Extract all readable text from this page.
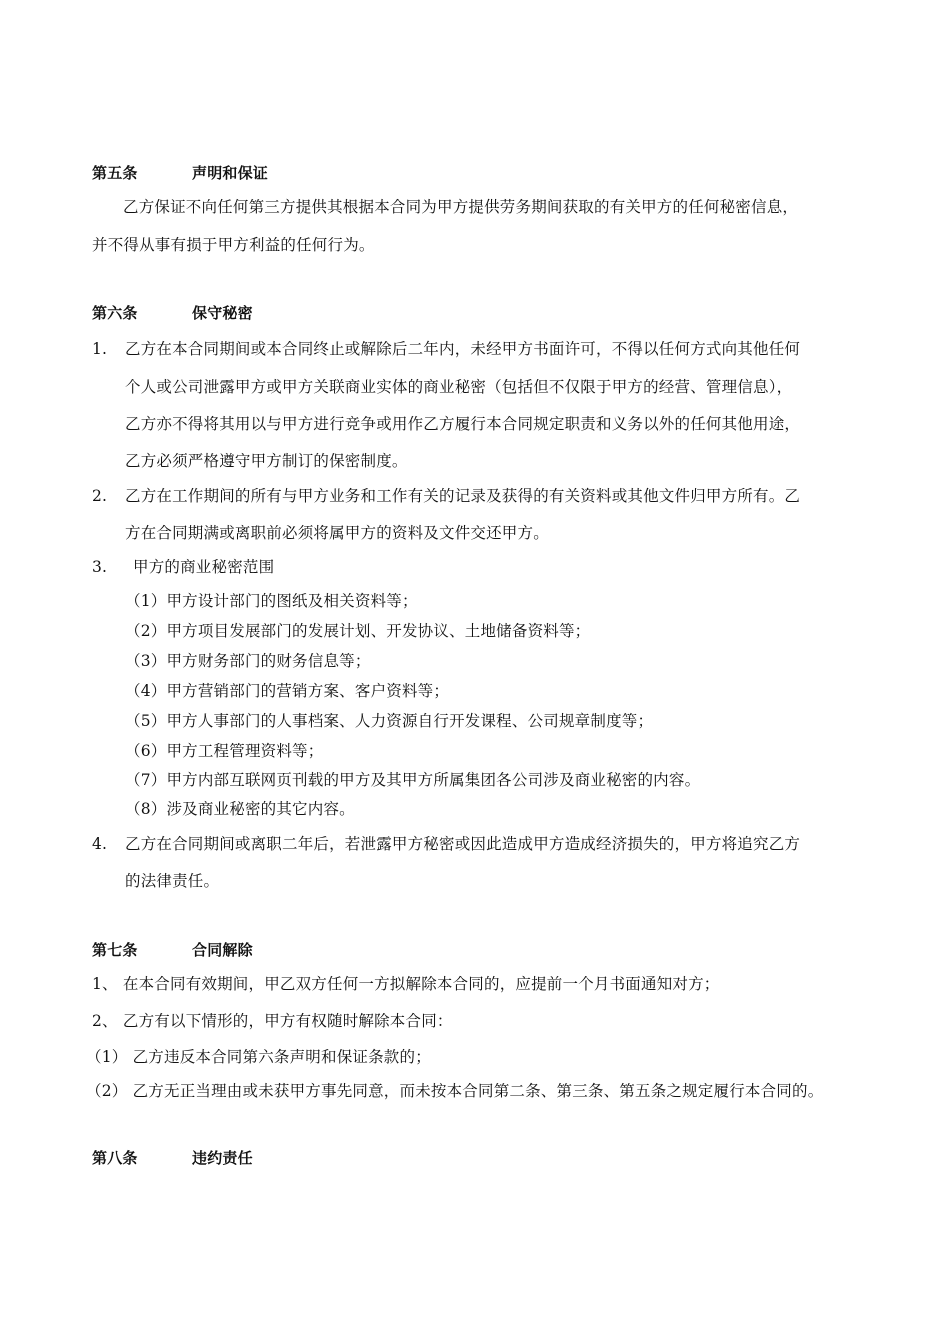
第五条	声明和保证
乙方保证不向任何第三方提供其根据本合同为甲方提供劳务期间获取的有关甲方的任何秘密信息，
并不得从事有损于甲方利益的任何行为。
第六条	保守秘密
1. 乙方在本合同期间或本合同终止或解除后二年内，未经甲方书面许可，不得以任何方式向其他任何
个人或公司泄露甲方或甲方关联商业实体的商业秘密（包括但不仅限于甲方的经营、管理信息），
乙方亦不得将其用以与甲方进行竞争或用作乙方履行本合同规定职责和义务以外的任何其他用途，
乙方必须严格遵守甲方制订的保密制度。
2. 乙方在工作期间的所有与甲方业务和工作有关的记录及获得的有关资料或其他文件归甲方所有。乙
方在合同期满或离职前必须将属甲方的资料及文件交还甲方。
3. 甲方的商业秘密范围
（1）甲方设计部门的图纸及相关资料等；
（2）甲方项目发展部门的发展计划、开发协议、土地储备资料等；
（3）甲方财务部门的财务信息等；
（4）甲方营销部门的营销方案、客户资料等；
（5）甲方人事部门的人事档案、人力资源自行开发课程、公司规章制度等；
（6）甲方工程管理资料等；
（7）甲方内部互联网页刊载的甲方及其甲方所属集团各公司涉及商业秘密的内容。
（8）涉及商业秘密的其它内容。
4. 乙方在合同期间或离职二年后，若泄露甲方秘密或因此造成甲方造成经济损失的，甲方将追究乙方
的法律责任。
第七条	合同解除
1、 在本合同有效期间，甲乙双方任何一方拟解除本合同的，应提前一个月书面通知对方；
2、 乙方有以下情形的，甲方有权随时解除本合同：
（1） 乙方违反本合同第六条声明和保证条款的；
（2） 乙方无正当理由或未获甲方事先同意，而未按本合同第二条、第三条、第五条之规定履行本合同的。
第八条	违约责任
